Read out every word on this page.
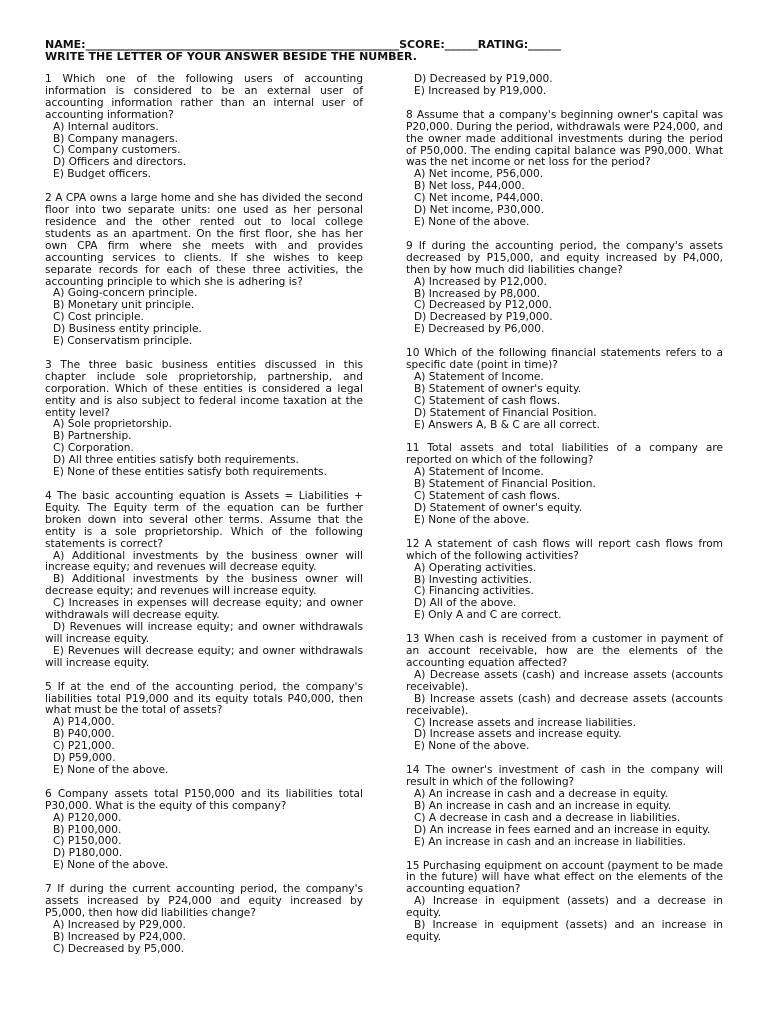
NAME:_________________________________________________________SCORE:______RATING:______
WRITE THE LETTER OF YOUR ANSWER BESIDE THE NUMBER.

1 Which one of the following users of accounting information is considered to be an external user of accounting information rather than an internal user of accounting information?

A) Internal auditors.
B) Company managers.
C) Company customers.
D) Officers and directors.
E) Budget officers.

2 A CPA owns a large home and she has divided the second floor into two separate units: one used as her personal residence and the other rented out to local college students as an apartment. On the first floor, she has her own CPA firm where she meets with and provides accounting services to clients. If she wishes to keep separate records for each of these three activities, the accounting principle to which she is adhering is?

A) Going-concern principle.
B) Monetary unit principle.
C) Cost principle.
D) Business entity principle.
E) Conservatism principle.

3 The three basic business entities discussed in this chapter include sole proprietorship, partnership, and corporation. Which of these entities is considered a legal entity and is also subject to federal income taxation at the entity level?

A) Sole proprietorship.
B) Partnership.
C) Corporation.
D) All three entities satisfy both requirements.
E) None of these entities satisfy both requirements.

4 The basic accounting equation is Assets = Liabilities + Equity. The Equity term of the equation can be further broken down into several other terms. Assume that the entity is a sole proprietorship. Which of the following statements is correct?

A) Additional investments by the business owner will increase equity; and revenues will decrease equity.
B) Additional investments by the business owner will decrease equity; and revenues will increase equity.
C) Increases in expenses will decrease equity; and owner withdrawals will decrease equity.
D) Revenues will increase equity; and owner withdrawals will increase equity.
E) Revenues will decrease equity; and owner withdrawals will increase equity.

5 If at the end of the accounting period, the company's liabilities total P19,000 and its equity totals P40,000, then what must be the total of assets?

A) P14,000.
B) P40,000.
C) P21,000.
D) P59,000.
E) None of the above.

6 Company assets total P150,000 and its liabilities total P30,000. What is the equity of this company?

A) P120,000.
B) P100,000.
C) P150,000.
D) P180,000.
E) None of the above.

7 If during the current accounting period, the company's assets increased by P24,000 and equity increased by P5,000, then how did liabilities change?

A) Increased by P29,000.
B) Increased by P24,000.
C) Decreased by P5,000.
D) Decreased by P19,000.
E) Increased by P19,000.

8 Assume that a company's beginning owner's capital was P20,000. During the period, withdrawals were P24,000, and the owner made additional investments during the period of P50,000. The ending capital balance was P90,000. What was the net income or net loss for the period?

A) Net income, P56,000.
B) Net loss, P44,000.
C) Net income, P44,000.
D) Net income, P30,000.
E) None of the above.

9 If during the accounting period, the company's assets decreased by P15,000, and equity increased by P4,000, then by how much did liabilities change?

A) Increased by P12,000.
B) Increased by P8,000.
C) Decreased by P12,000.
D) Decreased by P19,000.
E) Decreased by P6,000.

10 Which of the following financial statements refers to a specific date (point in time)?

A) Statement of Income.
B) Statement of owner's equity.
C) Statement of cash flows.
D) Statement of Financial Position.
E) Answers A, B & C are all correct.

11 Total assets and total liabilities of a company are reported on which of the following?

A) Statement of Income.
B) Statement of Financial Position.
C) Statement of cash flows.
D) Statement of owner's equity.
E) None of the above.

12 A statement of cash flows will report cash flows from which of the following activities?

A) Operating activities.
B) Investing activities.
C) Financing activities.
D) All of the above.
E) Only A and C are correct.

13 When cash is received from a customer in payment of an account receivable, how are the elements of the accounting equation affected?

A) Decrease assets (cash) and increase assets (accounts receivable).
B) Increase assets (cash) and decrease assets (accounts receivable).
C) Increase assets and increase liabilities.
D) Increase assets and increase equity.
E) None of the above.

14 The owner's investment of cash in the company will result in which of the following?

A) An increase in cash and a decrease in equity.
B) An increase in cash and an increase in equity.
C) A decrease in cash and a decrease in liabilities.
D) An increase in fees earned and an increase in equity.
E) An increase in cash and an increase in liabilities.

15 Purchasing equipment on account (payment to be made in the future) will have what effect on the elements of the accounting equation?

A) Increase in equipment (assets) and a decrease in equity.
B) Increase in equipment (assets) and an increase in equity.
